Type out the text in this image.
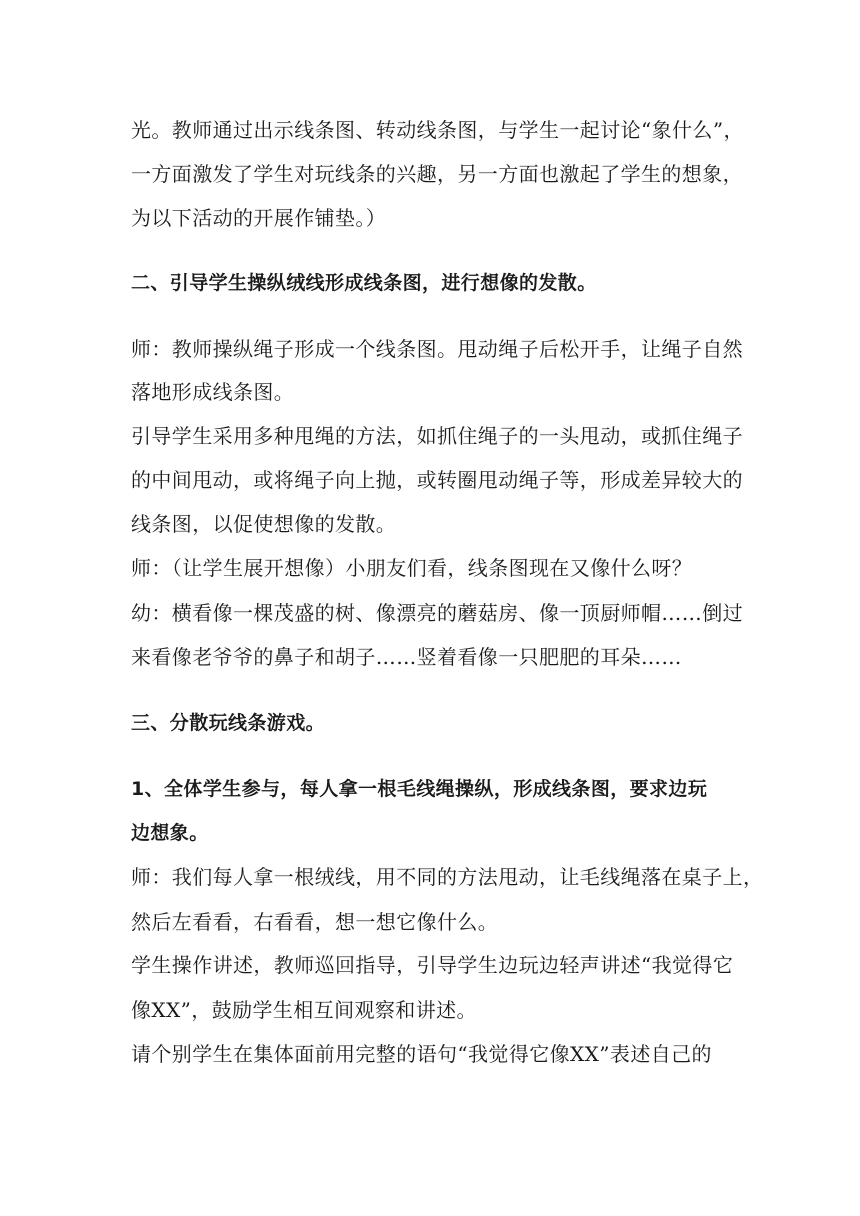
光。教师通过出示线条图、转动线条图，与学生一起讨论“象什么”，
一方面激发了学生对玩线条的兴趣，另一方面也激起了学生的想象，
为以下活动的开展作铺垫。）
二、引导学生操纵绒线形成线条图，进行想像的发散。
师：教师操纵绳子形成一个线条图。甩动绳子后松开手，让绳子自然
落地形成线条图。
引导学生采用多种甩绳的方法，如抓住绳子的一头甩动，或抓住绳子
的中间甩动，或将绳子向上抛，或转圈甩动绳子等，形成差异较大的
线条图，以促使想像的发散。
师：（让学生展开想像）小朋友们看，线条图现在又像什么呀？
幼：横看像一棵茂盛的树、像漂亮的蘑菇房、像一顶厨师帽……倒过
来看像老爷爷的鼻子和胡子……竖着看像一只肥肥的耳朵……
三、分散玩线条游戏。
1、全体学生参与，每人拿一根毛线绳操纵，形成线条图，要求边玩
边想象。
师：我们每人拿一根绒线，用不同的方法甩动，让毛线绳落在桌子上，
然后左看看，右看看，想一想它像什么。
学生操作讲述，教师巡回指导，引导学生边玩边轻声讲述“我觉得它
像XX”，鼓励学生相互间观察和讲述。
请个别学生在集体面前用完整的语句“我觉得它像XX”表述自己的
